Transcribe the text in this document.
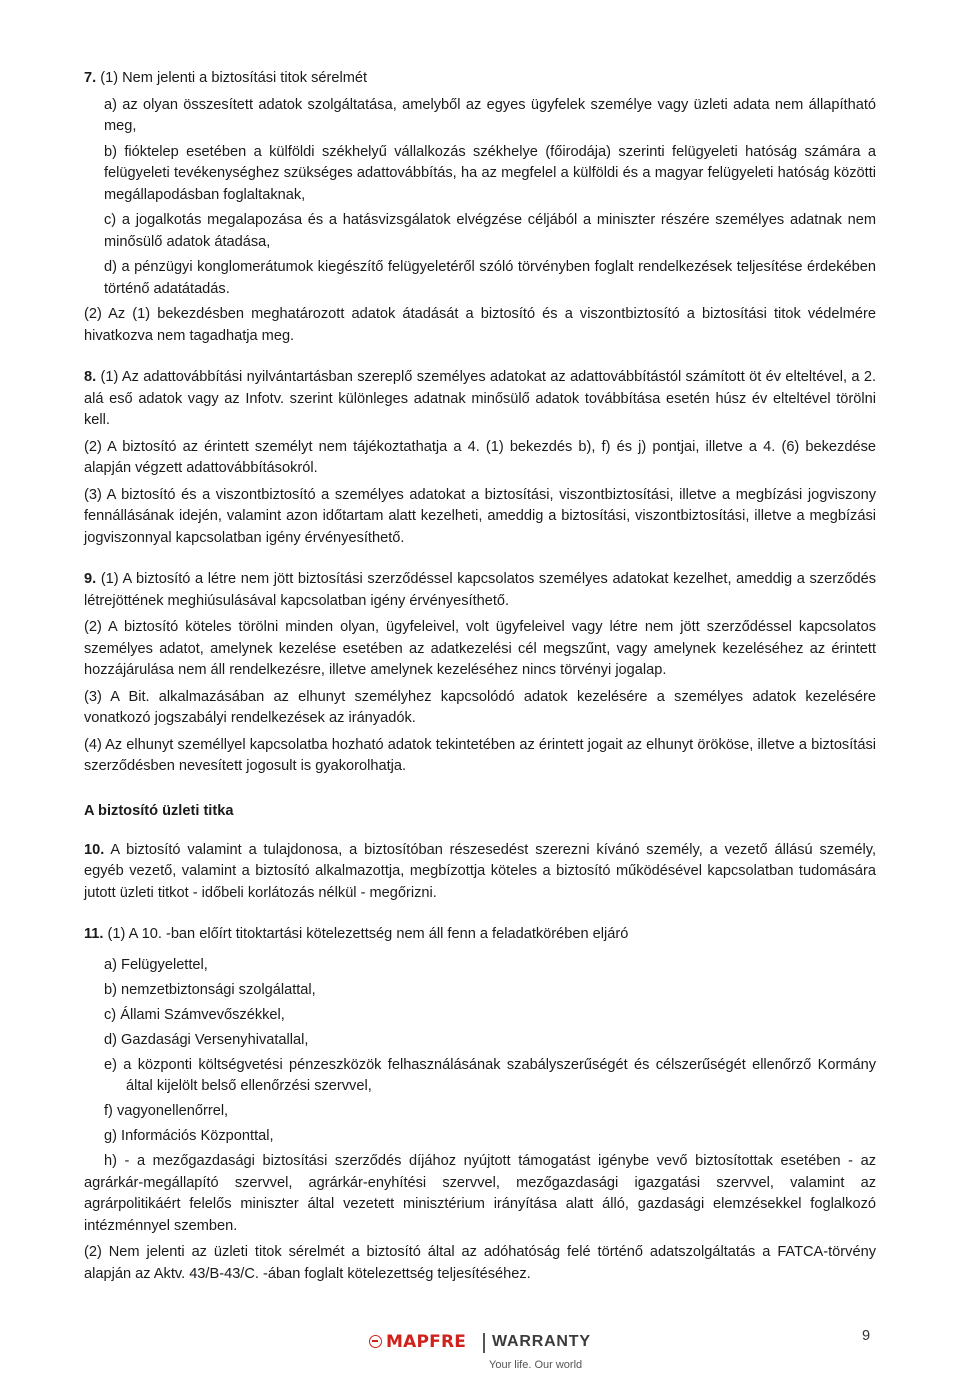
7. (1) Nem jelenti a biztosítási titok sérelmét

a) az olyan összesített adatok szolgáltatása, amelyből az egyes ügyfelek személye vagy üzleti adata nem állapítható meg,

b) fióktelep esetében a külföldi székhelyű vállalkozás székhelye (főirodája) szerinti felügyeleti hatóság számára a felügyeleti tevékenységhez szükséges adattovábbítás, ha az megfelel a külföldi és a magyar felügyeleti hatóság közötti megállapodásban foglaltaknak,

c) a jogalkotás megalapozása és a hatásvizsgálatok elvégzése céljából a miniszter részére személyes adatnak nem minősülő adatok átadása,

d) a pénzügyi konglomerátumok kiegészítő felügyeletéről szóló törvényben foglalt rendelkezések teljesítése érdekében történő adatátadás.

(2) Az (1) bekezdésben meghatározott adatok átadását a biztosító és a viszontbiztosító a biztosítási titok védelmére hivatkozva nem tagadhatja meg.

8. (1) Az adattovábbítási nyilvántartásban szereplő személyes adatokat az adattovábbítástól számított öt év elteltével, a 2. alá eső adatok vagy az Infotv. szerint különleges adatnak minősülő adatok továbbítása esetén húsz év elteltével törölni kell.

(2) A biztosító az érintett személyt nem tájékoztathatja a 4. (1) bekezdés b), f) és j) pontjai, illetve a 4. (6) bekezdése alapján végzett adattovábbításokról.

(3) A biztosító és a viszontbiztosító a személyes adatokat a biztosítási, viszontbiztosítási, illetve a megbízási jogviszony fennállásának idején, valamint azon időtartam alatt kezelheti, ameddig a biztosítási, viszontbiztosítási, illetve a megbízási jogviszonnyal kapcsolatban igény érvényesíthető.

9. (1) A biztosító a létre nem jött biztosítási szerződéssel kapcsolatos személyes adatokat kezelhet, ameddig a szerződés létrejöttének meghiúsulásával kapcsolatban igény érvényesíthető.

(2) A biztosító köteles törölni minden olyan, ügyfeleivel, volt ügyfeleivel vagy létre nem jött szerződéssel kapcsolatos személyes adatot, amelynek kezelése esetében az adatkezelési cél megszűnt, vagy amelynek kezeléséhez az érintett hozzájárulása nem áll rendelkezésre, illetve amelynek kezeléséhez nincs törvényi jogalap.

(3) A Bit. alkalmazásában az elhunyt személyhez kapcsolódó adatok kezelésére a személyes adatok kezelésére vonatkozó jogszabályi rendelkezések az irányadók.

(4) Az elhunyt személlyel kapcsolatba hozható adatok tekintetében az érintett jogait az elhunyt örököse, illetve a biztosítási szerződésben nevesített jogosult is gyakorolhatja.

A biztosító üzleti titka

10. A biztosító valamint a tulajdonosa, a biztosítóban részesedést szerezni kívánó személy, a vezető állású személy, egyéb vezető, valamint a biztosító alkalmazottja, megbízottja köteles a biztosító működésével kapcsolatban tudomására jutott üzleti titkot - időbeli korlátozás nélkül - megőrizni.

11. (1) A 10. -ban előírt titoktartási kötelezettség nem áll fenn a feladatkörében eljáró

a) Felügyelettel,

b) nemzetbiztonsági szolgálattal,

c) Állami Számvevőszékkel,

d) Gazdasági Versenyhivatallal,

e) a központi költségvetési pénzeszközök felhasználásának szabályszerűségét és célszerűségét ellenőrző Kormány által kijelölt belső ellenőrzési szervvel,

f) vagyonellenőrrel,

g) Információs Központtal,

h) - a mezőgazdasági biztosítási szerződés díjához nyújtott támogatást igénybe vevő biztosítottak esetében - az agrárkár-megállapító szervvel, agrárkár-enyhítési szervvel, mezőgazdasági igazgatási szervvel, valamint az agrárpolitikáért felelős miniszter által vezetett minisztérium irányítása alatt álló, gazdasági elemzésekkel foglalkozó intézménnyel szemben.

(2) Nem jelenti az üzleti titok sérelmét a biztosító által az adóhatóság felé történő adatszolgáltatás a FATCA-törvény alapján az Aktv. 43/B-43/C. -ában foglalt kötelezettség teljesítéséhez.

MAPFRE WARRANTY
Your life. Our world
9
